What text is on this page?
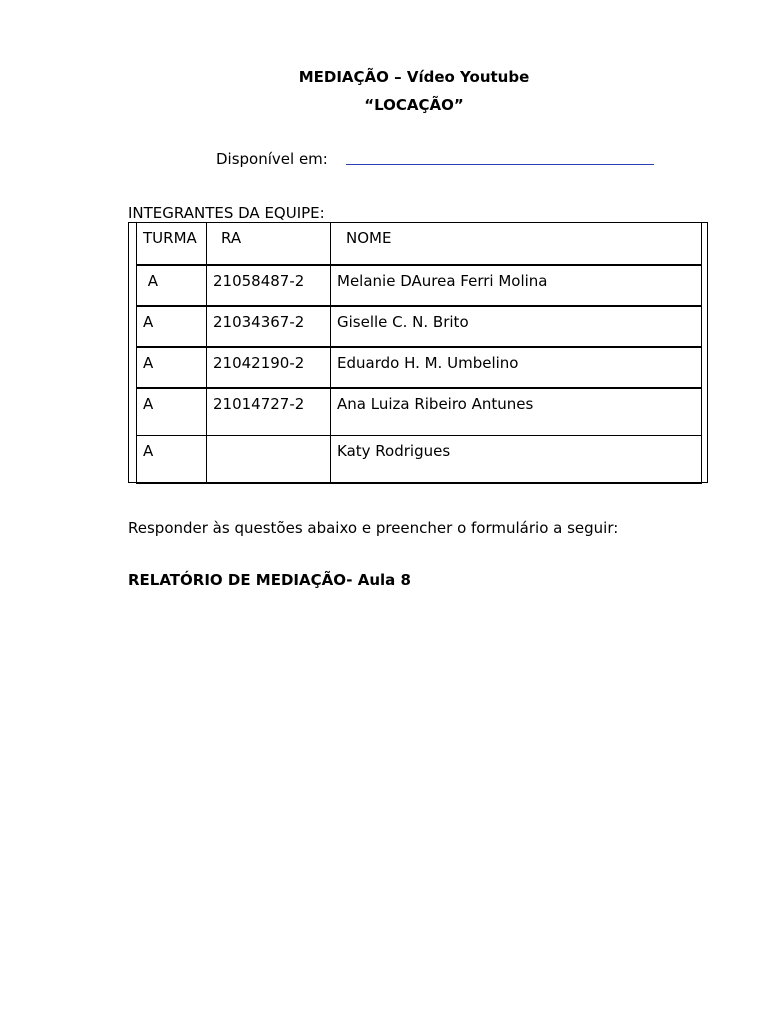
MEDIAÇÃO – Vídeo Youtube
“LOCAÇÃO”
Disponível em:
INTEGRANTES DA EQUIPE:
TURMA	RA	NOME
A	21058487-2	Melanie DAurea Ferri Molina
A	21034367-2	Giselle C. N. Brito
A	21042190-2	Eduardo H. M. Umbelino
A	21014727-2	Ana Luiza Ribeiro Antunes
A		Katy Rodrigues
Responder às questões abaixo e preencher o formulário a seguir:
RELATÓRIO DE MEDIAÇÃO- Aula 8
